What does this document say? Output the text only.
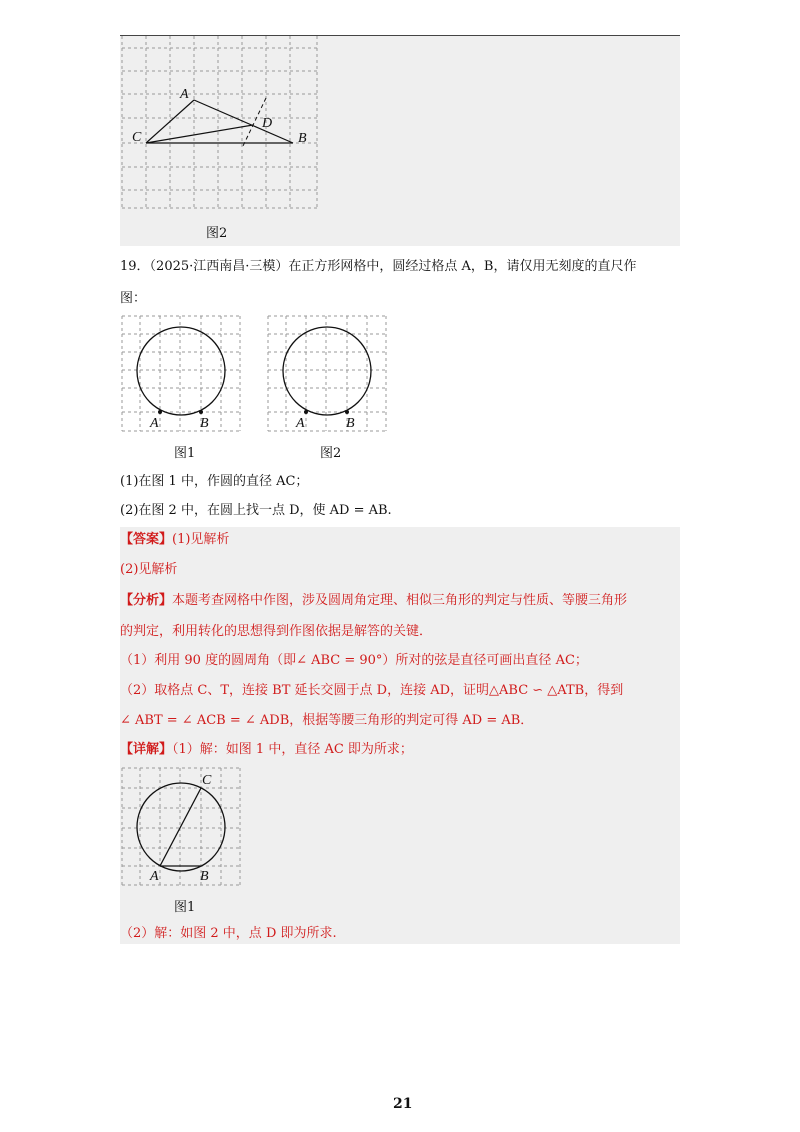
A
C
D
B
图2
19．（2025·江西南昌·三模）在正方形网格中，圆经过格点 A，B，请仅用无刻度的直尺作
图：
A	B	A	B
图1	图2
(1)在图 1 中，作圆的直径 AC；
(2)在图 2 中，在圆上找一点 D，使 AD = AB.
【答案】(1)见解析
(2)见解析
【分析】本题考查网格中作图，涉及圆周角定理、相似三角形的判定与性质、等腰三角形
的判定，利用转化的思想得到作图依据是解答的关键．
（1）利用 90 度的圆周角（即∠ ABC = 90°）所对的弦是直径可画出直径 AC；
（2）取格点 C、T，连接 BT 延长交圆于点 D，连接 AD，证明△ABC ∽ △ATB，得到
∠ ABT = ∠ ACB = ∠ ADB，根据等腰三角形的判定可得 AD = AB．
【详解】（1）解：如图 1 中，直径 AC 即为所求；
C
A	B
图1
（2）解：如图 2 中，点 D 即为所求.
21
